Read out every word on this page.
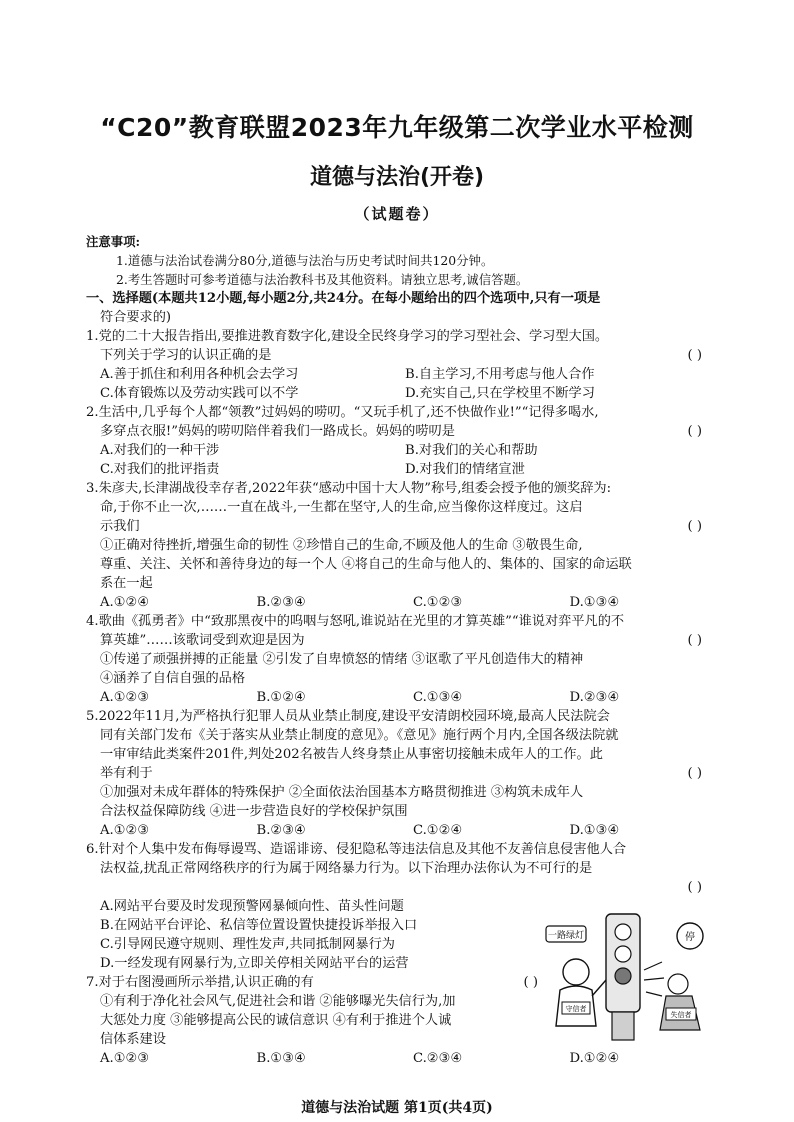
“C20”教育联盟2023年九年级第二次学业水平检测
道德与法治(开卷)
（试题卷）
注意事项:
1.道德与法治试卷满分80分,道德与法治与历史考试时间共120分钟。
2.考生答题时可参考道德与法治教科书及其他资料。请独立思考,诚信答题。
一、选择题(本题共12小题,每小题2分,共24分。在每小题给出的四个选项中,只有一项是
符合要求的)
1.党的二十大报告指出,要推进教育数字化,建设全民终身学习的学习型社会、学习型大国。
下列关于学习的认识正确的是	( )
A.善于抓住和利用各种机会去学习	B.自主学习,不用考虑与他人合作
C.体育锻炼以及劳动实践可以不学	D.充实自己,只在学校里不断学习
2.生活中,几乎每个人都“领教”过妈妈的唠叨。“又玩手机了,还不快做作业!”“记得多喝水,
多穿点衣服!”妈妈的唠叨陪伴着我们一路成长。妈妈的唠叨是	( )
A.对我们的一种干涉	B.对我们的关心和帮助
C.对我们的批评指责	D.对我们的情绪宣泄
3.朱彦夫,长津湖战役幸存者,2022年获“感动中国十大人物”称号,组委会授予他的颁奖辞为:
命,于你不止一次,……一直在战斗,一生都在坚守,人的生命,应当像你这样度过。这启
示我们	( )
①正确对待挫折,增强生命的韧性 ②珍惜自己的生命,不顾及他人的生命 ③敬畏生命,
尊重、关注、关怀和善待身边的每一个人 ④将自己的生命与他人的、集体的、国家的命运联
系在一起
A.①②④	B.②③④	C.①②③	D.①③④
4.歌曲《孤勇者》中“致那黑夜中的呜咽与怒吼,谁说站在光里的才算英雄”“谁说对弈平凡的不
算英雄”……该歌词受到欢迎是因为	( )
①传递了顽强拼搏的正能量 ②引发了自卑愤怒的情绪 ③讴歌了平凡创造伟大的精神
④涵养了自信自强的品格
A.①②③	B.①②④	C.①③④	D.②③④
5.2022年11月,为严格执行犯罪人员从业禁止制度,建设平安清朗校园环境,最高人民法院会
同有关部门发布《关于落实从业禁止制度的意见》。《意见》施行两个月内,全国各级法院就
一审审结此类案件201件,判处202名被告人终身禁止从事密切接触未成年人的工作。此
举有利于	( )
①加强对未成年群体的特殊保护 ②全面依法治国基本方略贯彻推进 ③构筑未成年人
合法权益保障防线 ④进一步营造良好的学校保护氛围
A.①②③	B.②③④	C.①②④	D.①③④
6.针对个人集中发布侮辱谩骂、造谣诽谤、侵犯隐私等违法信息及其他不友善信息侵害他人合
法权益,扰乱正常网络秩序的行为属于网络暴力行为。以下治理办法你认为不可行的是
( )
A.网站平台要及时发现预警网暴倾向性、苗头性问题
B.在网站平台评论、私信等位置设置快捷投诉举报入口
C.引导网民遵守规则、理性发声,共同抵制网暴行为
D.一经发现有网暴行为,立即关停相关网站平台的运营
7.对于右图漫画所示举措,认识正确的有	( )
①有利于净化社会风气,促进社会和谐 ②能够曝光失信行为,加
大惩处力度 ③能够提高公民的诚信意识 ④有利于推进个人诚
信体系建设
A.①②③	B.①③④	C.②③④	D.①②④
一路绿灯
守信者
停
失信者
道德与法治试题 第1页(共4页)
